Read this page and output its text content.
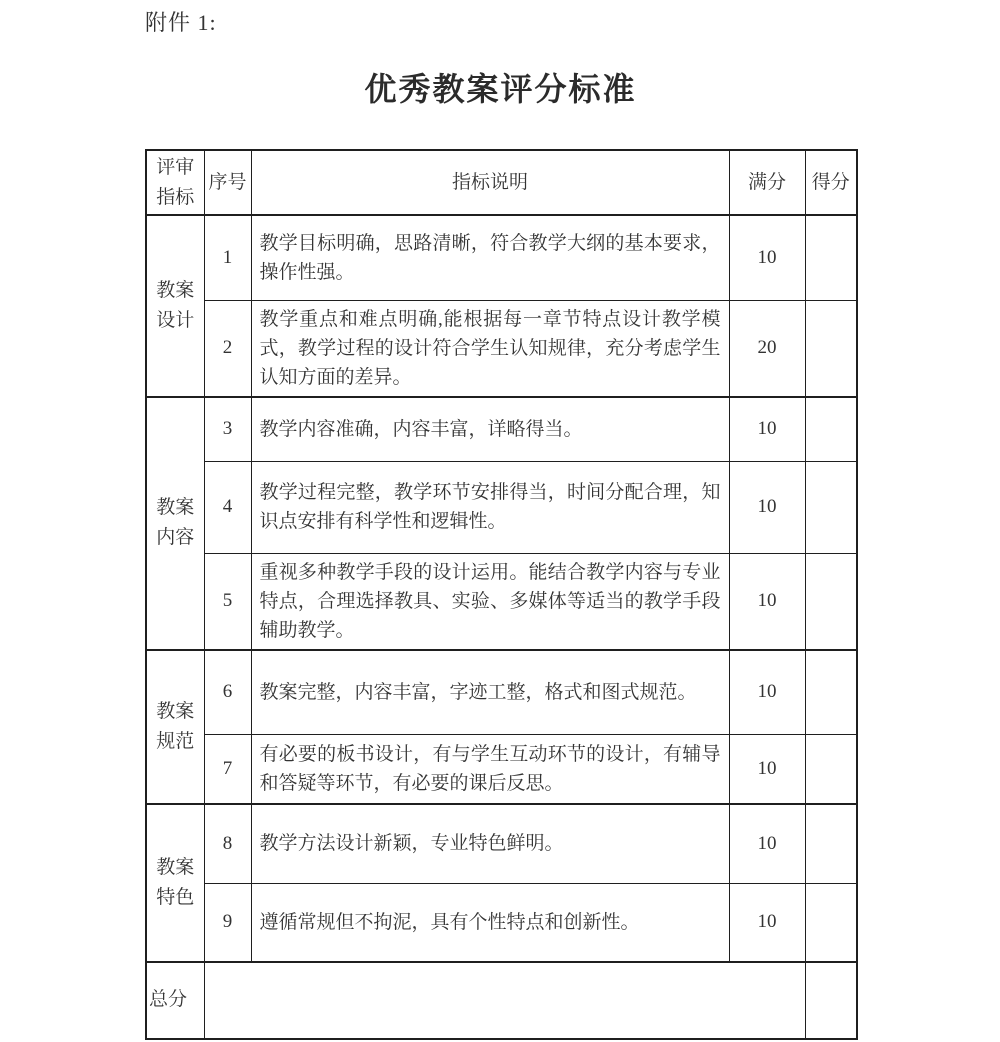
附件 1:
优秀教案评分标准
评审指标	序号	指标说明	满分	得分
教案设计	1	教学目标明确，思路清晰，符合教学大纲的基本要求，操作性强。	10	
	2	教学重点和难点明确,能根据每一章节特点设计教学模式，教学过程的设计符合学生认知规律，充分考虑学生认知方面的差异。	20	
教案内容	3	教学内容准确，内容丰富，详略得当。	10	
	4	教学过程完整，教学环节安排得当，时间分配合理，知识点安排有科学性和逻辑性。	10	
	5	重视多种教学手段的设计运用。能结合教学内容与专业特点，合理选择教具、实验、多媒体等适当的教学手段辅助教学。	10	
教案规范	6	教案完整，内容丰富，字迹工整，格式和图式规范。	10	
	7	有必要的板书设计，有与学生互动环节的设计，有辅导和答疑等环节，有必要的课后反思。	10	
教案特色	8	教学方法设计新颖，专业特色鲜明。	10	
	9	遵循常规但不拘泥，具有个性特点和创新性。	10	
总分				
